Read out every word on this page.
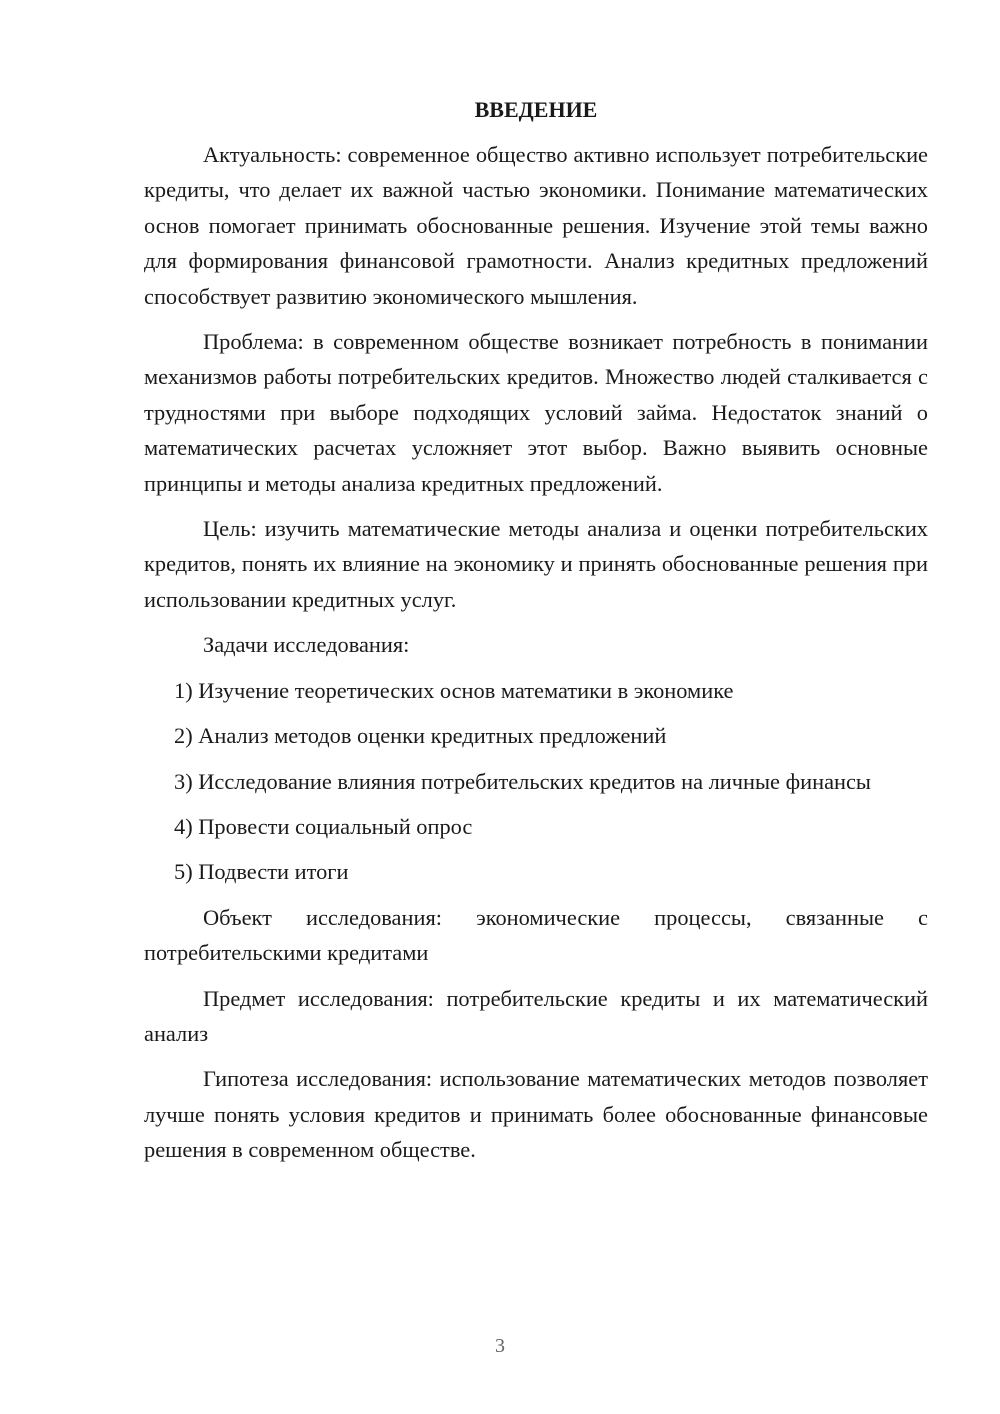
ВВЕДЕНИЕ

Актуальность: современное общество активно использует потребительские кредиты, что делает их важной частью экономики. Понимание математических основ помогает принимать обоснованные решения. Изучение этой темы важно для формирования финансовой грамотности. Анализ кредитных предложений способствует развитию экономического мышления.

Проблема: в современном обществе возникает потребность в понимании механизмов работы потребительских кредитов. Множество людей сталкивается с трудностями при выборе подходящих условий займа. Недостаток знаний о математических расчетах усложняет этот выбор. Важно выявить основные принципы и методы анализа кредитных предложений.

Цель: изучить математические методы анализа и оценки потребительских кредитов, понять их влияние на экономику и принять обоснованные решения при использовании кредитных услуг.

Задачи исследования:

1) Изучение теоретических основ математики в экономике

2) Анализ методов оценки кредитных предложений

3) Исследование влияния потребительских кредитов на личные финансы

4) Провести социальный опрос

5) Подвести итоги

Объект исследования: экономические процессы, связанные с потребительскими кредитами

Предмет исследования: потребительские кредиты и их математический анализ

Гипотеза исследования: использование математических методов позволяет лучше понять условия кредитов и принимать более обоснованные финансовые решения в современном обществе.

3
